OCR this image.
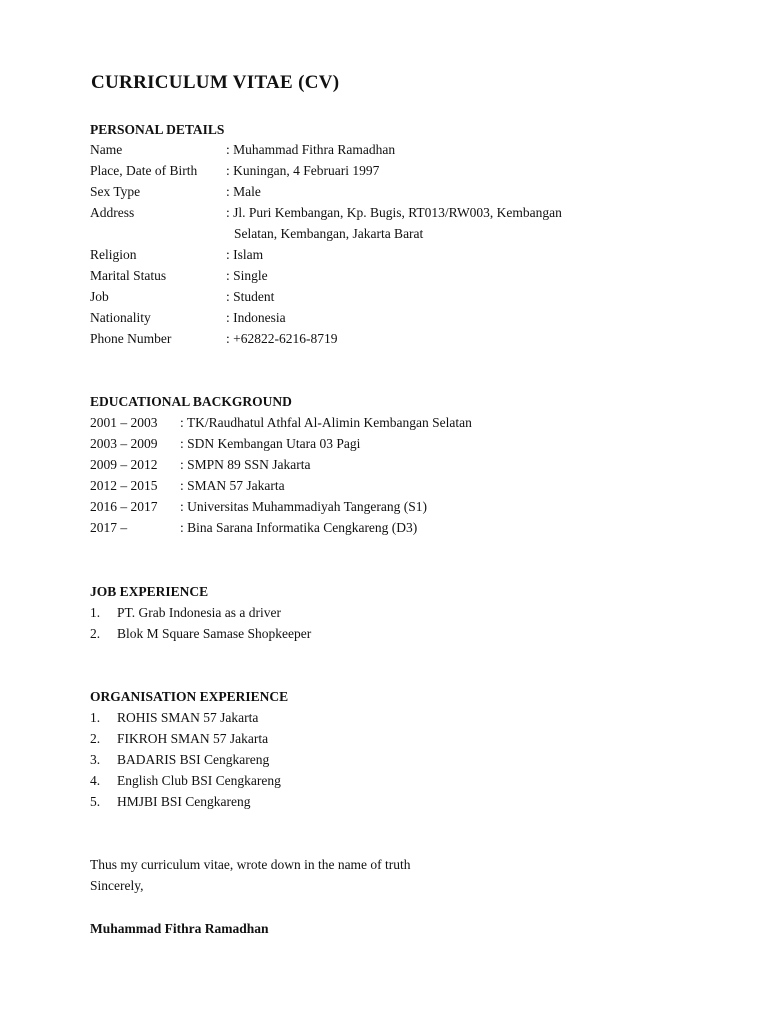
CURRICULUM VITAE (CV)
PERSONAL DETAILS
Name	: Muhammad Fithra Ramadhan
Place, Date of Birth : Kuningan, 4 Februari 1997
Sex Type	: Male
Address	: Jl. Puri Kembangan, Kp. Bugis, RT013/RW003, Kembangan
Selatan, Kembangan, Jakarta Barat
Religion	: Islam
Marital Status	: Single
Job	: Student
Nationality	: Indonesia
Phone Number	: +62822-6216-8719
EDUCATIONAL BACKGROUND
2001 – 2003 : TK/Raudhatul Athfal Al-Alimin Kembangan Selatan
2003 – 2009 : SDN Kembangan Utara 03 Pagi
2009 – 2012 : SMPN 89 SSN Jakarta
2012 – 2015 : SMAN 57 Jakarta
2016 – 2017 : Universitas Muhammadiyah Tangerang (S1)
2017 –	: Bina Sarana Informatika Cengkareng (D3)
JOB EXPERIENCE
1. PT. Grab Indonesia as a driver
2. Blok M Square Samase Shopkeeper
ORGANISATION EXPERIENCE
1. ROHIS SMAN 57 Jakarta
2. FIKROH SMAN 57 Jakarta
3. BADARIS BSI Cengkareng
4. English Club BSI Cengkareng
5. HMJBI BSI Cengkareng
Thus my curriculum vitae, wrote down in the name of truth
Sincerely,
Muhammad Fithra Ramadhan
